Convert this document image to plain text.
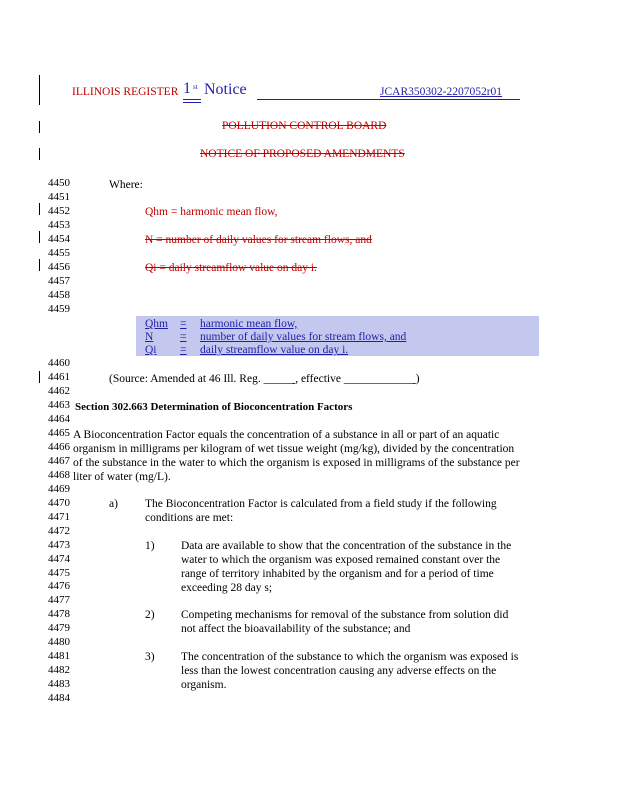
ILLINOIS REGISTER 1 st Notice	JCAR350302-2207052r01
POLLUTION CONTROL BOARD
NOTICE OF PROPOSED AMENDMENTS
4450
4451
4452
4453
4454
4455
4456
4457
4458
4459
4460
4461
4462
4463
4464
4465
4466
4467
4468
4469
4470
4471
4472
4473
4474
4475
4476
4477
4478
4479
4480
4481
4482
4483
4484
Where:
Qhm = harmonic mean flow,
N = number of daily values for stream flows, and
Qi = daily streamflow value on day i.
Qhm = harmonic mean flow,
N = number of daily values for stream flows, and
Qi = daily streamflow value on day i.
(Source: Amended at 46 Ill. Reg. _____ , effective ____________ )
Section 302.663 Determination of Bioconcentration Factors
A Bioconcentration Factor equals the concentration of a substance in all or part of an aquatic
organism in milligrams per kilogram of wet tissue weight (mg/kg), divided by the concentration
of the substance in the water to which the organism is exposed in milligrams of the substance per
liter of water (mg/L).
a) The Bioconcentration Factor is calculated from a field study if the following
conditions are met:
1) Data are available to show that the concentration of the substance in the
water to which the organism was exposed remained constant over the
range of territory inhabited by the organism and for a period of time
exceeding 28 day s;
2) Competing mechanisms for removal of the substance from solution did
not affect the bioavailability of the substance; and
3) The concentration of the substance to which the organism was exposed is
less than the lowest concentration causing any adverse effects on the
organism.
